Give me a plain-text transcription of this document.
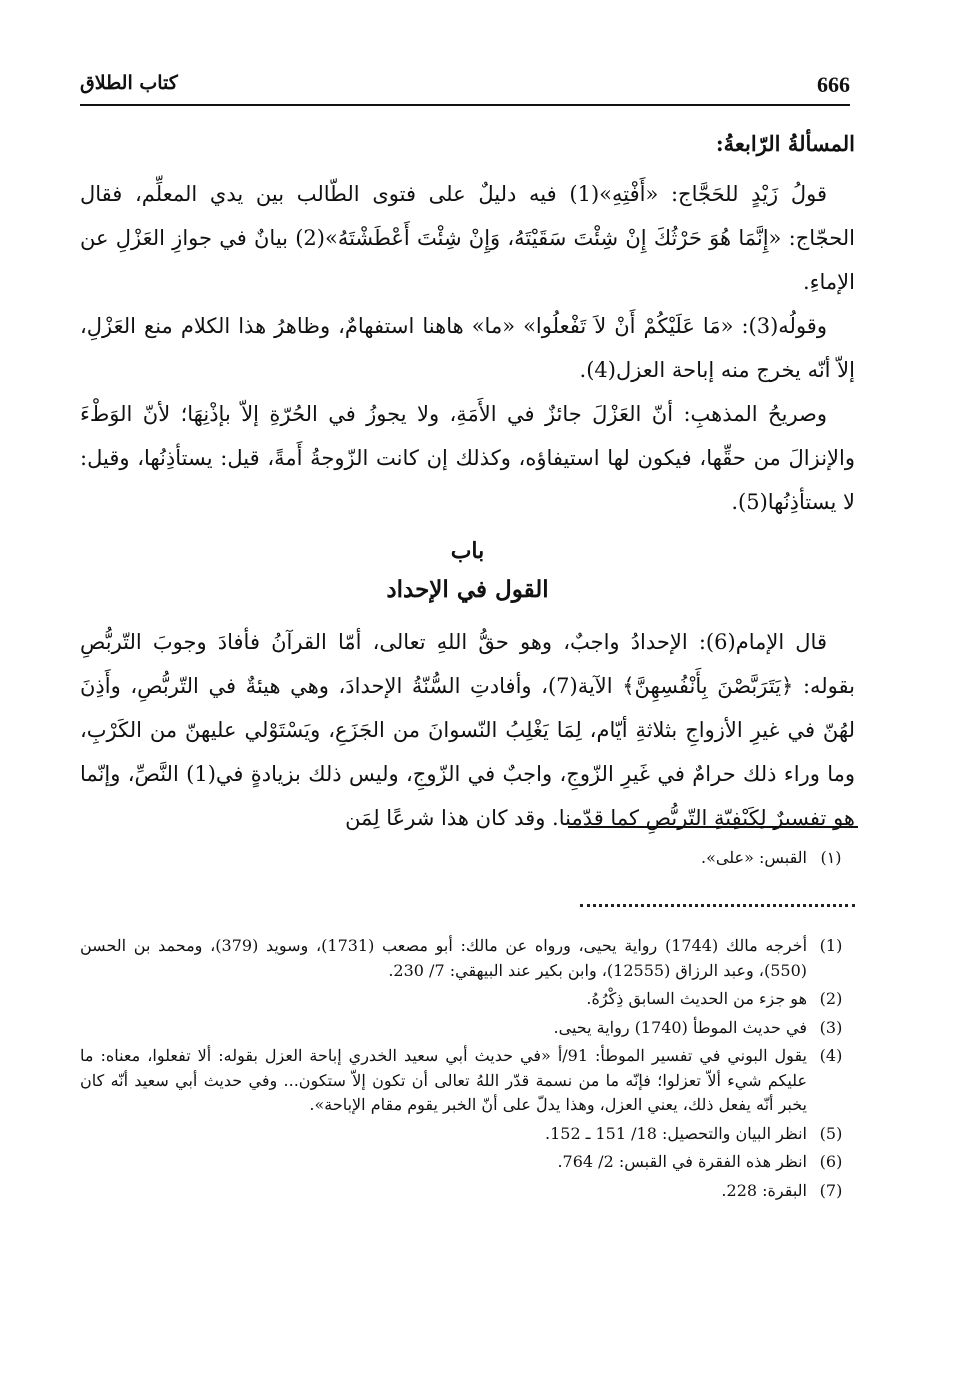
666
كتاب الطلاق

المسألةُ الرّابعةُ:

قولُ زَيْدٍ للحَجَّاج: «أَفْتِهِ»(1) فيه دليلٌ على فتوى الطّالب بين يدي المعلِّم، فقال الحجّاج: «إِنَّمَا هُوَ حَرْثُكَ إِنْ شِئْتَ سَقَيْتَهُ، وَإِنْ شِئْتَ أَعْطَشْتَهُ»(2) بيانٌ في جوازِ العَزْلِ عن الإماءِ.

وقولُه(3): «مَا عَلَيْكُمْ أَنْ لاَ تَفْعلُوا» «ما» هاهنا استفهامٌ، وظاهرُ هذا الكلام منع العَزْلِ، إلاّ أنّه يخرج منه إباحة العزل(4).

وصريحُ المذهبِ: أنّ العَزْلَ جائزٌ في الأَمَةِ، ولا يجوزُ في الحُرّةِ إلاّ بإذْنِهَا؛ لأنّ الوَطْءَ والإنزالَ من حقِّها، فيكون لها استيفاؤه، وكذلك إن كانت الزّوجةُ أَمةً، قيل: يستأذِنُها، وقيل: لا يستأذِنُها(5).

باب

القول في الإحداد

قال الإمام(6): الإحدادُ واجبٌ، وهو حقُّ اللهِ تعالى، أمّا القرآنُ فأفادَ وجوبَ التّربُّصِ بقوله: ﴿يَتَرَبَّصْنَ بِأَنْفُسِهِنَّ﴾ الآية(7)، وأفادتِ السُّنّةُ الإحدادَ، وهي هيئةٌ في التّربُّصِ، وأَذِنَ لهُنّ في غيرِ الأزواجِ بثلاثةِ أيّام، لِمَا يَغْلِبُ النّسوانَ من الجَزَعِ، ويَسْتَوْلي عليهنّ من الكَرْبِ، وما وراء ذلك حرامٌ في غَيرِ الزّوجِ، واجبٌ في الزّوجِ، وليس ذلك بزيادةٍ في(1) النَّصِّ، وإنّما هو تفسيرٌ لِكَيْفِيّةِ التّربُّصِ كما قدّمنا. وقد كان هذا شرعًا لِمَن

(١)
القبس: «على».
(1)
أخرجه مالك (1744) رواية يحيى، ورواه عن مالك: أبو مصعب (1731)، وسويد (379)، ومحمد بن الحسن (550)، وعبد الرزاق (12555)، وابن بكير عند البيهقي: 7/ 230.
(2)
هو جزء من الحديث السابق ذِكْرُهُ.
(3)
في حديث الموطأ (1740) رواية يحيى.
(4)
يقول البوني في تفسير الموطأ: 91/أ «في حديث أبي سعيد الخدري إباحة العزل بقوله: ألا تفعلوا، معناه: ما عليكم شيء ألاّ تعزلوا؛ فإنّه ما من نسمة قدّر اللهُ تعالى أن تكون إلاّ ستكون... وفي حديث أبي سعيد أنّه كان يخبر أنّه يفعل ذلك، يعني العزل، وهذا يدلّ على أنّ الخبر يقوم مقام الإباحة».
(5)
انظر البيان والتحصيل: 18/ 151 ـ 152.
(6)
انظر هذه الفقرة في القبس: 2/ 764.
(7)
البقرة: 228.
